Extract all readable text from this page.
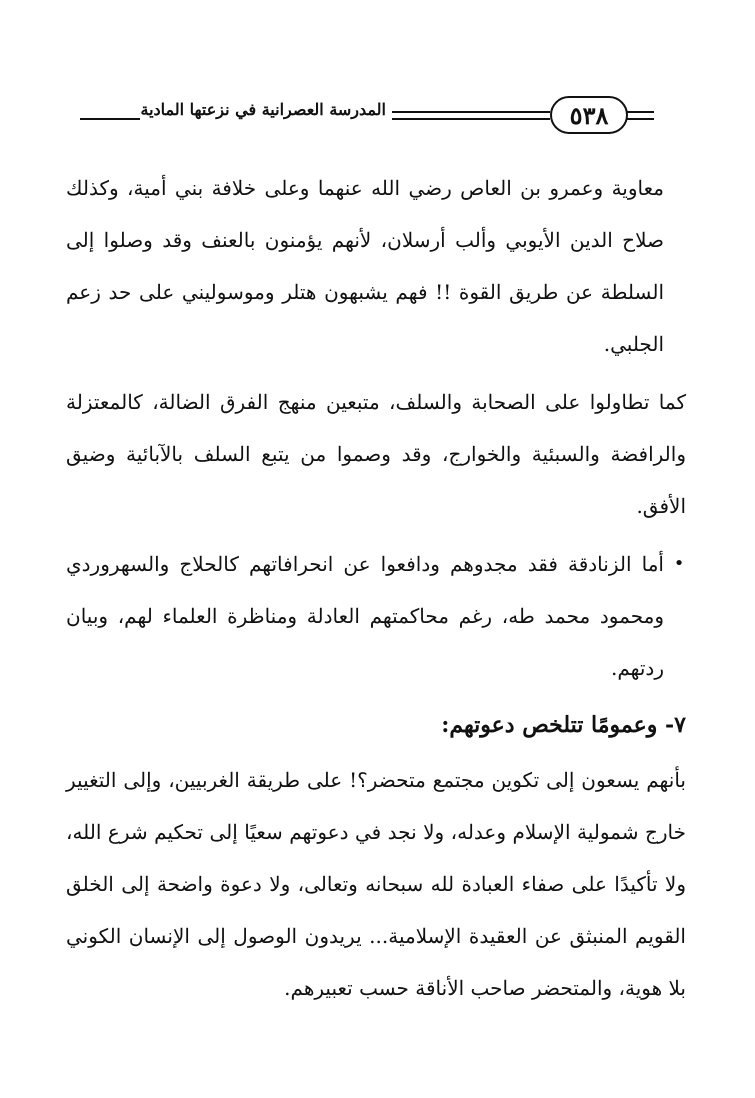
٥٣٨
المدرسة العصرانية في نزعتها المادية

معاوية وعمرو بن العاص رضي الله عنهما وعلى خلافة بني أمية، وكذلك صلاح الدين الأيوبي وألب أرسلان، لأنهم يؤمنون بالعنف وقد وصلوا إلى السلطة عن طريق القوة !! فهم يشبهون هتلر وموسوليني على حد زعم الجلبي.

كما تطاولوا على الصحابة والسلف، متبعين منهج الفرق الضالة، كالمعتزلة والرافضة والسبئية والخوارج، وقد وصموا من يتبع السلف بالآبائية وضيق الأفق.

•
أما الزنادقة فقد مجدوهم ودافعوا عن انحرافاتهم كالحلاج والسهروردي ومحمود محمد طه، رغم محاكمتهم العادلة ومناظرة العلماء لهم، وبيان ردتهم.
٧- وعمومًا تتلخص دعوتهم:

بأنهم يسعون إلى تكوين مجتمع متحضر؟! على طريقة الغربيين، وإلى التغيير خارج شمولية الإسلام وعدله، ولا نجد في دعوتهم سعيًا إلى تحكيم شرع الله، ولا تأكيدًا على صفاء العبادة لله سبحانه وتعالى، ولا دعوة واضحة إلى الخلق القويم المنبثق عن العقيدة الإسلامية... يريدون الوصول إلى الإنسان الكوني بلا هوية، والمتحضر صاحب الأناقة حسب تعبيرهم.
